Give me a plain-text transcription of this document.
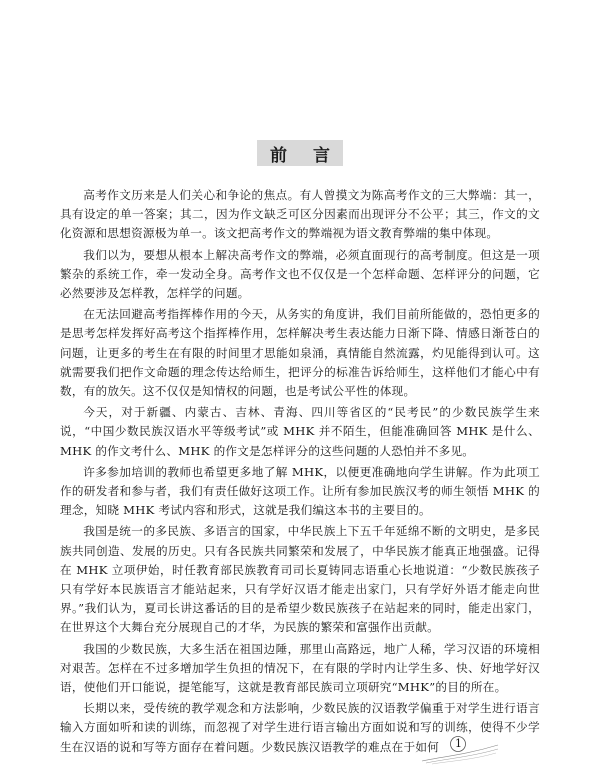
前 言

高考作文历来是人们关心和争论的焦点。有人曾摸文为陈高考作文的三大弊端：其一，具有设定的单一答案；其二，因为作文缺乏可区分因素而出现评分不公平；其三，作文的文化资源和思想资源极为单一。该文把高考作文的弊端视为语文教育弊端的集中体现。

我们以为，要想从根本上解决高考作文的弊端，必须直面现行的高考制度。但这是一项繁杂的系统工作，牵一发动全身。高考作文也不仅仅是一个怎样命题、怎样评分的问题，它必然要涉及怎样教，怎样学的问题。

在无法回避高考指挥棒作用的今天，从务实的角度讲，我们目前所能做的，恐怕更多的是思考怎样发挥好高考这个指挥棒作用，怎样解决考生表达能力日渐下降、情感日渐苍白的问题，让更多的考生在有限的时间里才思能如泉涌，真情能自然流露，灼见能得到认可。这就需要我们把作文命题的理念传达给师生，把评分的标准告诉给师生，这样他们才能心中有数，有的放矢。这不仅仅是知情权的问题，也是考试公平性的体现。

今天，对于新疆、内蒙古、吉林、青海、四川等省区的“民考民”的少数民族学生来说，“中国少数民族汉语水平等级考试”或 MHK 并不陌生，但能准确回答 MHK 是什么、MHK 的作文考什么、MHK 的作文是怎样评分的这些问题的人恐怕并不多见。

许多参加培训的教师也希望更多地了解 MHK，以便更准确地向学生讲解。作为此项工作的研发者和参与者，我们有责任做好这项工作。让所有参加民族汉考的师生领悟 MHK 的理念，知晓 MHK 考试内容和形式，这就是我们编这本书的主要目的。

我国是统一的多民族、多语言的国家，中华民族上下五千年延绵不断的文明史，是多民族共同创造、发展的历史。只有各民族共同繁荣和发展了，中华民族才能真正地强盛。记得在 MHK 立项伊始，时任教育部民族教育司司长夏铸同志语重心长地说道：“少数民族孩子只有学好本民族语言才能站起来，只有学好汉语才能走出家门，只有学好外语才能走向世界。”我们认为，夏司长讲这番话的目的是希望少数民族孩子在站起来的同时，能走出家门，在世界这个大舞台充分展现自己的才华，为民族的繁荣和富强作出贡献。

我国的少数民族，大多生活在祖国边陲，那里山高路远，地广人稀，学习汉语的环境相对艰苦。怎样在不过多增加学生负担的情况下，在有限的学时内让学生多、快、好地学好汉语，使他们开口能说，提笔能写，这就是教育部民族司立项研究“MHK”的目的所在。

长期以来，受传统的教学观念和方法影响，少数民族的汉语教学偏重于对学生进行语言输入方面如听和读的训练，而忽视了对学生进行语言输出方面如说和写的训练，使得不少学生在汉语的说和写等方面存在着问题。少数民族汉语教学的难点在于如何	1
